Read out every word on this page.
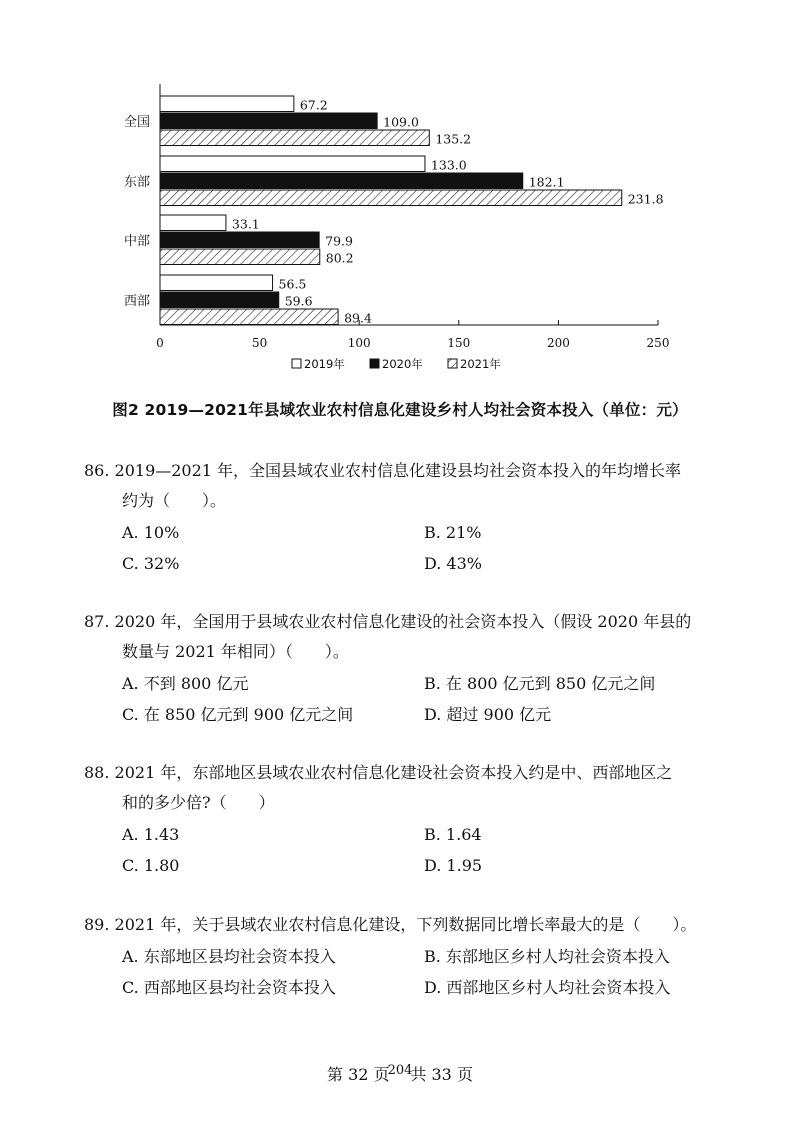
0	50	100	150	200	250
全国
67.2
109.0
135.2
东部
133.0
182.1
231.8
中部
33.1
79.9
80.2
西部
56.5
59.6
89.4
2019年	2020年	2021年
图2 2019—2021年县域农业农村信息化建设乡村人均社会资本投入（单位：元）
86. 2019—2021 年，全国县域农业农村信息化建设县均社会资本投入的年均增长率
约为（　　）。
A. 10%	B. 21%
C. 32%	D. 43%
87. 2020 年，全国用于县域农业农村信息化建设的社会资本投入（假设 2020 年县的
数量与 2021 年相同）（　　）。
A. 不到 800 亿元	B. 在 800 亿元到 850 亿元之间
C. 在 850 亿元到 900 亿元之间	D. 超过 900 亿元
88. 2021 年，东部地区县域农业农村信息化建设社会资本投入约是中、西部地区之
和的多少倍?（　　）
A. 1.43	B. 1.64
C. 1.80	D. 1.95
89. 2021 年，关于县域农业农村信息化建设，下列数据同比增长率最大的是（　　）。
A. 东部地区县均社会资本投入	B. 东部地区乡村人均社会资本投入
C. 西部地区县均社会资本投入	D. 西部地区乡村人均社会资本投入
第 32 页$^{204}$共 33 页
